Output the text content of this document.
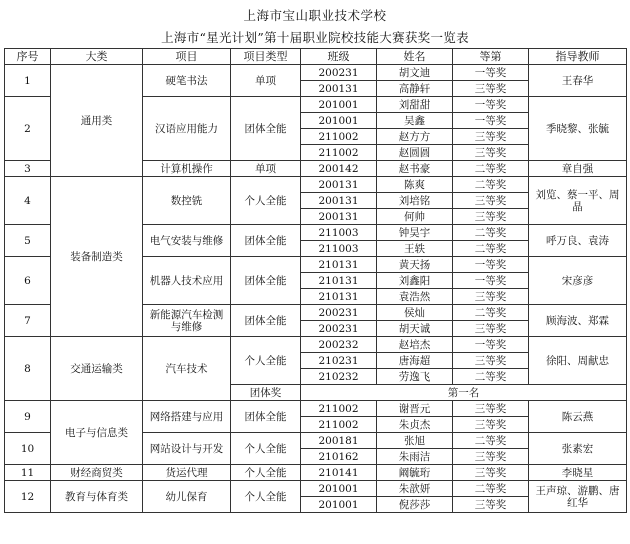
上海市宝山职业技术学校
上海市“星光计划”第十届职业院校技能大赛获奖一览表
序号	大类	项目	项目类型	班级	姓名	等第	指导教师
1	通用类	硬笔书法	单项	200231	胡文迪	一等奖	王春华
				200131	高静轩	三等奖	
2		汉语应用能力	团体全能	201001	刘甜甜	一等奖	季晓黎、张毓
				201001	吴鑫	一等奖	
				211002	赵方方	三等奖	
				211002	赵圆圆	三等奖	
3		计算机操作	单项	200142	赵书豪	二等奖	章自强
4	装备制造类	数控铣	个人全能	200131	陈爽	二等奖	刘览、蔡一平、周晶
				200131	刘培铭	三等奖	
				200131	何帅	三等奖	
5		电气安装与维修	团体全能	211003	钟昊宇	二等奖	呼万良、袁涛
				211003	王轶	二等奖	
6		机器人技术应用	团体全能	210131	黄天扬	一等奖	宋彦彦
				210131	刘鑫阳	一等奖	
				210131	袁浩然	三等奖	
7		新能源汽车检测与维修	团体全能	200231	侯灿	二等奖	顾海波、郑霖
				200231	胡天诚	三等奖	
8	交通运输类	汽车技术	个人全能	200232	赵培杰	一等奖	徐阳、周献忠
				210231	唐海超	三等奖	
				210232	劳逸飞	二等奖	
			团体奖	第一名			
9	电子与信息类	网络搭建与应用	团体全能	211002	谢晋元	三等奖	陈云燕
				211002	朱贞杰	三等奖	
10		网站设计与开发	个人全能	200181	张旭	二等奖	张素宏
				210162	朱雨洁	三等奖	
11	财经商贸类	货运代理	个人全能	210141	阚毓珩	三等奖	李晓星
12	教育与体育类	幼儿保育	个人全能	201001	朱歆妍	二等奖	王声琼、游鹏、唐红华
				201001	倪莎莎	三等奖	
